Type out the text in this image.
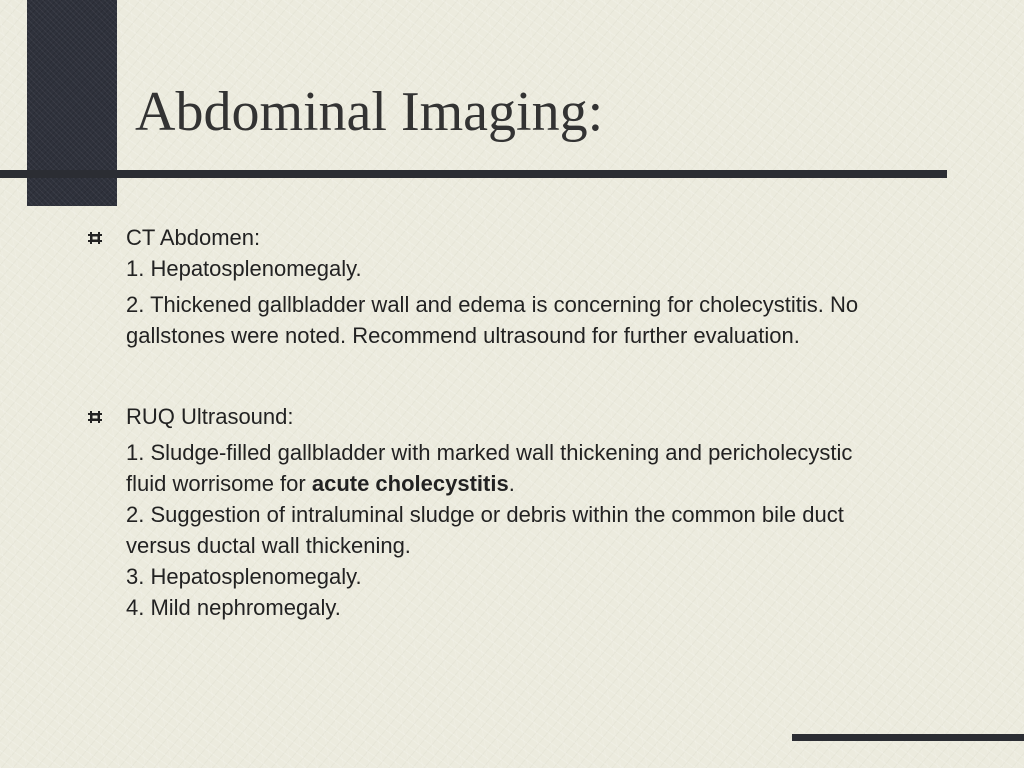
Abdominal Imaging:
CT Abdomen:
1. Hepatosplenomegaly.
2. Thickened gallbladder wall and edema is concerning for cholecystitis. No gallstones were noted. Recommend ultrasound for further evaluation.
RUQ Ultrasound:
1. Sludge-filled gallbladder with marked wall thickening and pericholecystic fluid worrisome for acute cholecystitis.
2. Suggestion of intraluminal sludge or debris within the common bile duct versus ductal wall thickening.
3. Hepatosplenomegaly.
4. Mild nephromegaly.
